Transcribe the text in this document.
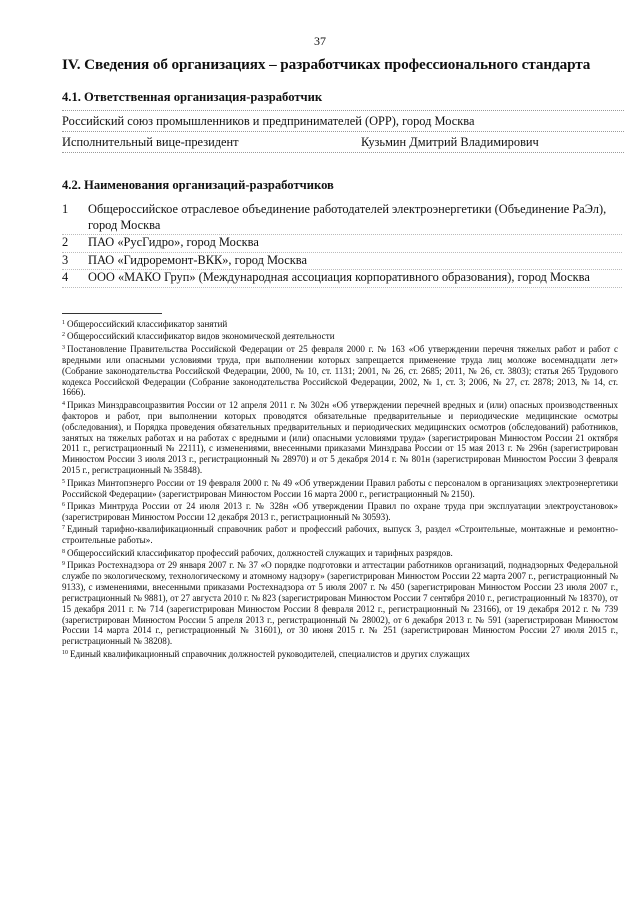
37
IV. Сведения об организациях – разработчиках профессионального стандарта
4.1. Ответственная организация-разработчик
Российский союз промышленников и предпринимателей (ОРР), город Москва
Исполнительный вице-президент	Кузьмин Дмитрий Владимирович
4.2. Наименования организаций-разработчиков
1 Общероссийское отраслевое объединение работодателей электроэнергетики (Объединение РаЭл), город Москва
2 ПАО «РусГидро», город Москва
3 ПАО «Гидроремонт-ВКК», город Москва
4 ООО «МАКО Груп» (Международная ассоциация корпоративного образования), город Москва

$^1$ Общероссийский классификатор занятий

$^2$ Общероссийский классификатор видов экономической деятельности

$^3$ Постановление Правительства Российской Федерации от 25 февраля 2000 г. № 163 «Об утверждении перечня тяжелых работ и работ с вредными или опасными условиями труда, при выполнении которых запрещается применение труда лиц моложе восемнадцати лет» (Собрание законодательства Российской Федерации, 2000, № 10, ст. 1131; 2001, № 26, ст. 2685; 2011, № 26, ст. 3803); статья 265 Трудового кодекса Российской Федерации (Собрание законодательства Российской Федерации, 2002, № 1, ст. 3; 2006, № 27, ст. 2878; 2013, № 14, ст. 1666).

$^4$ Приказ Минздравсоцразвития России от 12 апреля 2011 г. № 302н «Об утверждении перечней вредных и (или) опасных производственных факторов и работ, при выполнении которых проводятся обязательные предварительные и периодические медицинские осмотры (обследования), и Порядка проведения обязательных предварительных и периодических медицинских осмотров (обследований) работников, занятых на тяжелых работах и на работах с вредными и (или) опасными условиями труда» (зарегистрирован Минюстом России 21 октября 2011 г., регистрационный № 22111), с изменениями, внесенными приказами Минздрава России от 15 мая 2013 г. № 296н (зарегистрирован Минюстом России 3 июля 2013 г., регистрационный № 28970) и от 5 декабря 2014 г. № 801н (зарегистрирован Минюстом России 3 февраля 2015 г., регистрационный № 35848).

$^5$ Приказ Минтопэнерго России от 19 февраля 2000 г. № 49 «Об утверждении Правил работы с персоналом в организациях электроэнергетики Российской Федерации» (зарегистрирован Минюстом России 16 марта 2000 г., регистрационный № 2150).

$^6$ Приказ Минтруда России от 24 июля 2013 г. № 328н «Об утверждении Правил по охране труда при эксплуатации электроустановок» (зарегистрирован Минюстом России 12 декабря 2013 г., регистрационный № 30593).

$^7$ Единый тарифно-квалификационный справочник работ и профессий рабочих, выпуск 3, раздел «Строительные, монтажные и ремонтно-строительные работы».

$^8$ Общероссийский классификатор профессий рабочих, должностей служащих и тарифных разрядов.

$^9$ Приказ Ростехнадзора от 29 января 2007 г. № 37 «О порядке подготовки и аттестации работников организаций, поднадзорных Федеральной службе по экологическому, технологическому и атомному надзору» (зарегистрирован Минюстом России 22 марта 2007 г., регистрационный № 9133), с изменениями, внесенными приказами Ростехнадзора от 5 июля 2007 г. № 450 (зарегистрирован Минюстом России 23 июля 2007 г., регистрационный № 9881), от 27 августа 2010 г. № 823 (зарегистрирован Минюстом России 7 сентября 2010 г., регистрационный № 18370), от 15 декабря 2011 г. № 714 (зарегистрирован Минюстом России 8 февраля 2012 г., регистрационный № 23166), от 19 декабря 2012 г. № 739 (зарегистрирован Минюстом России 5 апреля 2013 г., регистрационный № 28002), от 6 декабря 2013 г. № 591 (зарегистрирован Минюстом России 14 марта 2014 г., регистрационный № 31601), от 30 июня 2015 г. № 251 (зарегистрирован Минюстом России 27 июля 2015 г., регистрационный № 38208).

$^{10}$ Единый квалификационный справочник должностей руководителей, специалистов и других служащих
